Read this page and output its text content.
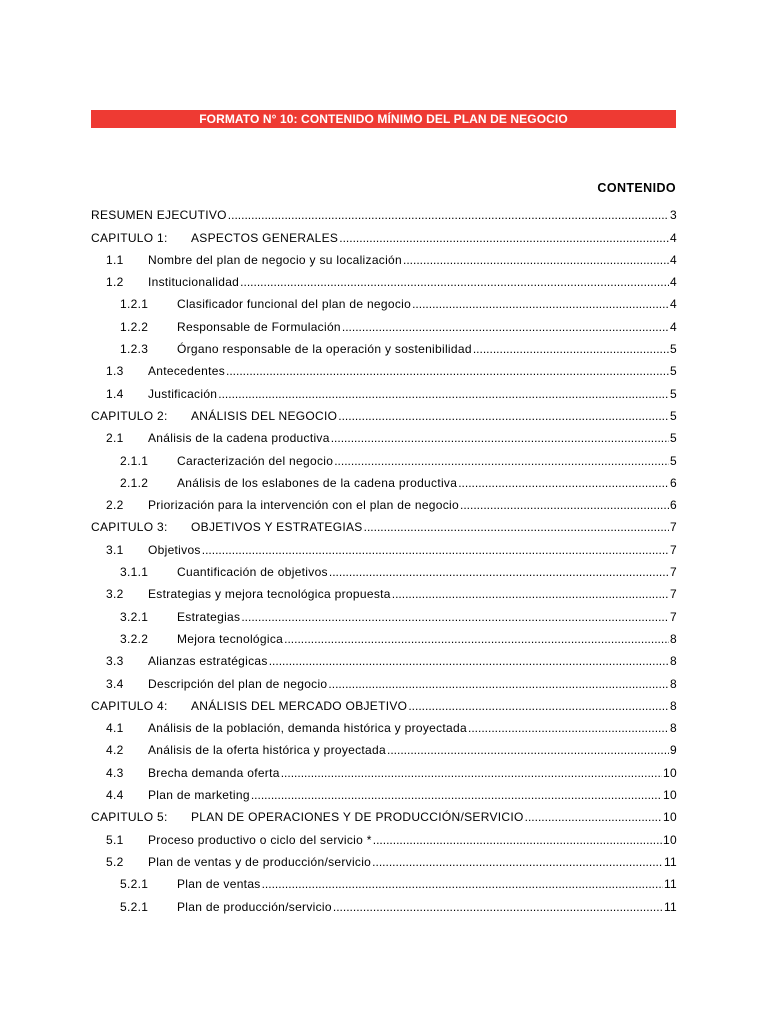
FORMATO N° 10: CONTENIDO MÍNIMO DEL PLAN DE NEGOCIO
CONTENIDO
RESUMEN EJECUTIVO .....	3
CAPITULO 1:	ASPECTOS GENERALES .....	4
1.1	Nombre del plan de negocio y su localización .....	4
1.2	Institucionalidad .....	4
1.2.1	Clasificador funcional del plan de negocio .....	4
1.2.2	Responsable de Formulación .....	4
1.2.3	Órgano responsable de la operación y sostenibilidad .....	5
1.3	Antecedentes .....	5
1.4	Justificación .....	5
CAPITULO 2:	ANÁLISIS DEL NEGOCIO .....	5
2.1	Análisis de la cadena productiva .....	5
2.1.1	Caracterización del negocio .....	5
2.1.2	Análisis de los eslabones de la cadena productiva .....	6
2.2	Priorización para la intervención con el plan de negocio .....	6
CAPITULO 3:	OBJETIVOS Y ESTRATEGIAS .....	7
3.1	Objetivos .....	7
3.1.1	Cuantificación de objetivos .....	7
3.2	Estrategias y mejora tecnológica propuesta .....	7
3.2.1	Estrategias .....	7
3.2.2	Mejora tecnológica .....	8
3.3	Alianzas estratégicas .....	8
3.4	Descripción del plan de negocio .....	8
CAPITULO 4:	ANÁLISIS DEL MERCADO OBJETIVO .....	8
4.1	Análisis de la población, demanda histórica y proyectada .....	8
4.2	Análisis de la oferta histórica y proyectada .....	9
4.3	Brecha demanda oferta .....	10
4.4	Plan de marketing .....	10
CAPITULO 5:	PLAN DE OPERACIONES Y DE PRODUCCIÓN/SERVICIO .....	10
5.1	Proceso productivo o ciclo del servicio * .....	10
5.2	Plan de ventas y de producción/servicio .....	11
5.2.1	Plan de ventas .....	11
5.2.1	Plan de producción/servicio .....	11
